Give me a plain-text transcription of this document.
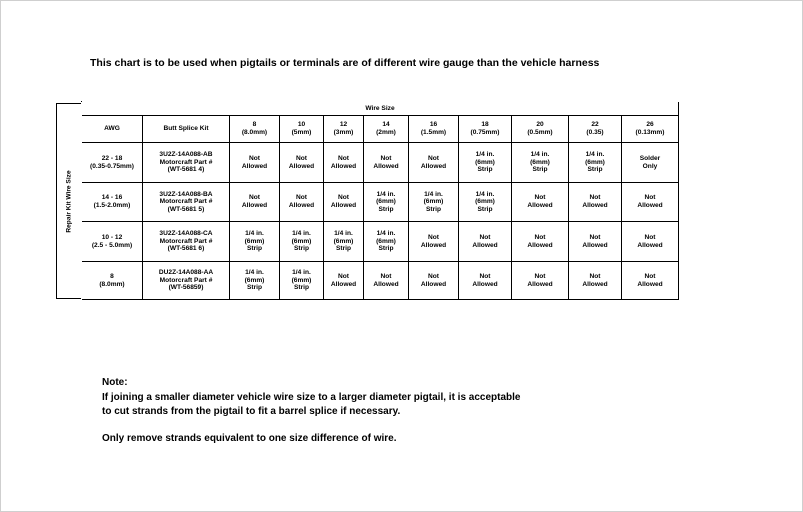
This chart is to be used when pigtails or terminals are of different wire gauge than the vehicle harness
Repair Kit Wire Size
Wire Size
AWG	Butt Splice Kit
8
(8.0mm)
10
(5mm)
12
(3mm)
14
(2mm)
16
(1.5mm)
18
(0.75mm)
20
(0.5mm)
22
(0.35)
26
(0.13mm)
22 - 18
(0.35-0.75mm)
3U2Z-14A088-AB
Motorcraft Part #
(WT-5681 4)
Not
Allowed
Not
Allowed
Not
Allowed
Not
Allowed
Not
Allowed
1/4 in.
(6mm)
Strip
1/4 in.
(6mm)
Strip
1/4 in.
(6mm)
Strip
Solder
Only
14 - 16
(1.5-2.0mm)
3U2Z-14A088-BA
Motorcraft Part #
(WT-5681 5)
Not
Allowed
Not
Allowed
Not
Allowed
1/4 in.
(6mm)
Strip
1/4 in.
(6mm)
Strip
1/4 in.
(6mm)
Strip
Not
Allowed
Not
Allowed
Not
Allowed
10 - 12
(2.5 - 5.0mm)
3U2Z-14A088-CA
Motorcraft Part #
(WT-5681 6)
1/4 in.
(6mm)
Strip
1/4 in.
(6mm)
Strip
1/4 in.
(6mm)
Strip
1/4 in.
(6mm)
Strip
Not
Allowed
Not
Allowed
Not
Allowed
Not
Allowed
Not
Allowed
8
(8.0mm)
DU2Z-14A088-AA
Motorcraft Part #
(WT-56859)
1/4 in.
(6mm)
Strip
1/4 in.
(6mm)
Strip
Not
Allowed
Not
Allowed
Not
Allowed
Not
Allowed
Not
Allowed
Not
Allowed
Not
Allowed
Note:
If joining a smaller diameter vehicle wire size to a larger diameter pigtail, it is acceptable
to cut strands from the pigtail to fit a barrel splice if necessary.
Only remove strands equivalent to one size difference of wire.
